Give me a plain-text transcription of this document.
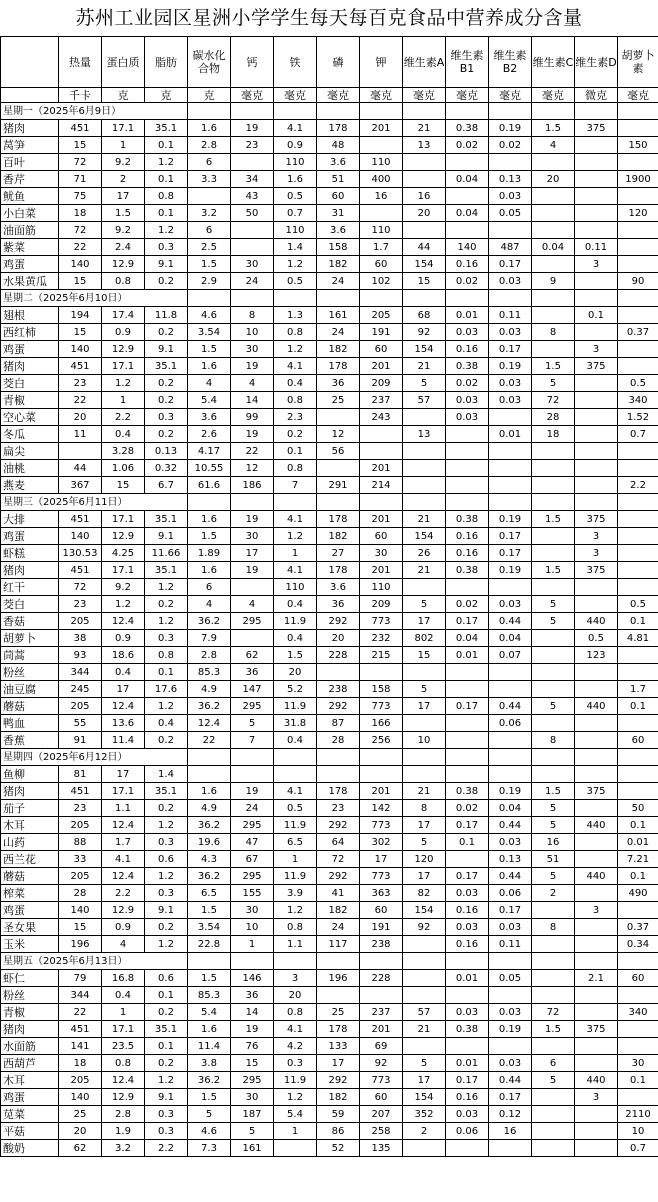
苏州工业园区星洲小学学生每天每百克食品中营养成分含量
	热量	蛋白质	脂肪	碳水化合物	钙	铁	磷	钾	维生素A	维生素B1	维生素B2	维生素C	维生素D	胡萝卜素
	千卡	克	克	克	毫克	毫克	毫克	毫克	毫克	毫克	毫克	毫克	微克	毫克
星期一（2025年6月9日）														
猪肉	451	17.1	35.1	1.6	19	4.1	178	201	21	0.38	0.19	1.5	375	
莴笋	15	1	0.1	2.8	23	0.9	48		13	0.02	0.02	4		150
百叶	72	9.2	1.2	6		110	3.6	110						
香芹	71	2	0.1	3.3	34	1.6	51	400		0.04	0.13	20		1900
鱿鱼	75	17	0.8		43	0.5	60	16	16		0.03			
小白菜	18	1.5	0.1	3.2	50	0.7	31		20	0.04	0.05			120
油面筋	72	9.2	1.2	6		110	3.6	110						
紫菜	22	2.4	0.3	2.5		1.4	158	1.7	44	140	487	0.04	0.11	
鸡蛋	140	12.9	9.1	1.5	30	1.2	182	60	154	0.16	0.17		3	
水果黄瓜	15	0.8	0.2	2.9	24	0.5	24	102	15	0.02	0.03	9		90
星期二（2025年6月10日）														
翅根	194	17.4	11.8	4.6	8	1.3	161	205	68	0.01	0.11		0.1	
西红柿	15	0.9	0.2	3.54	10	0.8	24	191	92	0.03	0.03	8		0.37
鸡蛋	140	12.9	9.1	1.5	30	1.2	182	60	154	0.16	0.17		3	
猪肉	451	17.1	35.1	1.6	19	4.1	178	201	21	0.38	0.19	1.5	375	
茭白	23	1.2	0.2	4	4	0.4	36	209	5	0.02	0.03	5		0.5
青椒	22	1	0.2	5.4	14	0.8	25	237	57	0.03	0.03	72		340
空心菜	20	2.2	0.3	3.6	99	2.3		243		0.03		28		1.52
冬瓜	11	0.4	0.2	2.6	19	0.2	12		13		0.01	18		0.7
扁尖		3.28	0.13	4.17	22	0.1	56							
油桃	44	1.06	0.32	10.55	12	0.8		201						
燕麦	367	15	6.7	61.6	186	7	291	214						2.2
星期三（2025年6月11日）														
大排	451	17.1	35.1	1.6	19	4.1	178	201	21	0.38	0.19	1.5	375	
鸡蛋	140	12.9	9.1	1.5	30	1.2	182	60	154	0.16	0.17		3	
虾糕	130.53	4.25	11.66	1.89	17	1	27	30	26	0.16	0.17		3	
猪肉	451	17.1	35.1	1.6	19	4.1	178	201	21	0.38	0.19	1.5	375	
红干	72	9.2	1.2	6		110	3.6	110						
茭白	23	1.2	0.2	4	4	0.4	36	209	5	0.02	0.03	5		0.5
香菇	205	12.4	1.2	36.2	295	11.9	292	773	17	0.17	0.44	5	440	0.1
胡萝卜	38	0.9	0.3	7.9		0.4	20	232	802	0.04	0.04		0.5	4.81
茼蒿	93	18.6	0.8	2.8	62	1.5	228	215	15	0.01	0.07		123	
粉丝	344	0.4	0.1	85.3	36	20								
油豆腐	245	17	17.6	4.9	147	5.2	238	158	5					1.7
蘑菇	205	12.4	1.2	36.2	295	11.9	292	773	17	0.17	0.44	5	440	0.1
鸭血	55	13.6	0.4	12.4	5	31.8	87	166			0.06			
香蕉	91	11.4	0.2	22	7	0.4	28	256	10			8		60
星期四（2025年6月12日）														
鱼柳	81	17	1.4											
猪肉	451	17.1	35.1	1.6	19	4.1	178	201	21	0.38	0.19	1.5	375	
茄子	23	1.1	0.2	4.9	24	0.5	23	142	8	0.02	0.04	5		50
木耳	205	12.4	1.2	36.2	295	11.9	292	773	17	0.17	0.44	5	440	0.1
山药	88	1.7	0.3	19.6	47	6.5	64	302	5	0.1	0.03	16		0.01
西兰花	33	4.1	0.6	4.3	67	1	72	17	120		0.13	51		7.21
蘑菇	205	12.4	1.2	36.2	295	11.9	292	773	17	0.17	0.44	5	440	0.1
榨菜	28	2.2	0.3	6.5	155	3.9	41	363	82	0.03	0.06	2		490
鸡蛋	140	12.9	9.1	1.5	30	1.2	182	60	154	0.16	0.17		3	
圣女果	15	0.9	0.2	3.54	10	0.8	24	191	92	0.03	0.03	8		0.37
玉米	196	4	1.2	22.8	1	1.1	117	238		0.16	0.11			0.34
星期五（2025年6月13日）														
虾仁	79	16.8	0.6	1.5	146	3	196	228		0.01	0.05		2.1	60
粉丝	344	0.4	0.1	85.3	36	20								
青椒	22	1	0.2	5.4	14	0.8	25	237	57	0.03	0.03	72		340
猪肉	451	17.1	35.1	1.6	19	4.1	178	201	21	0.38	0.19	1.5	375	
水面筋	141	23.5	0.1	11.4	76	4.2	133	69						
西葫芦	18	0.8	0.2	3.8	15	0.3	17	92	5	0.01	0.03	6		30
木耳	205	12.4	1.2	36.2	295	11.9	292	773	17	0.17	0.44	5	440	0.1
鸡蛋	140	12.9	9.1	1.5	30	1.2	182	60	154	0.16	0.17		3	
苋菜	25	2.8	0.3	5	187	5.4	59	207	352	0.03	0.12			2110
平菇	20	1.9	0.3	4.6	5	1	86	258	2	0.06	16			10
酸奶	62	3.2	2.2	7.3	161		52	135						0.7
